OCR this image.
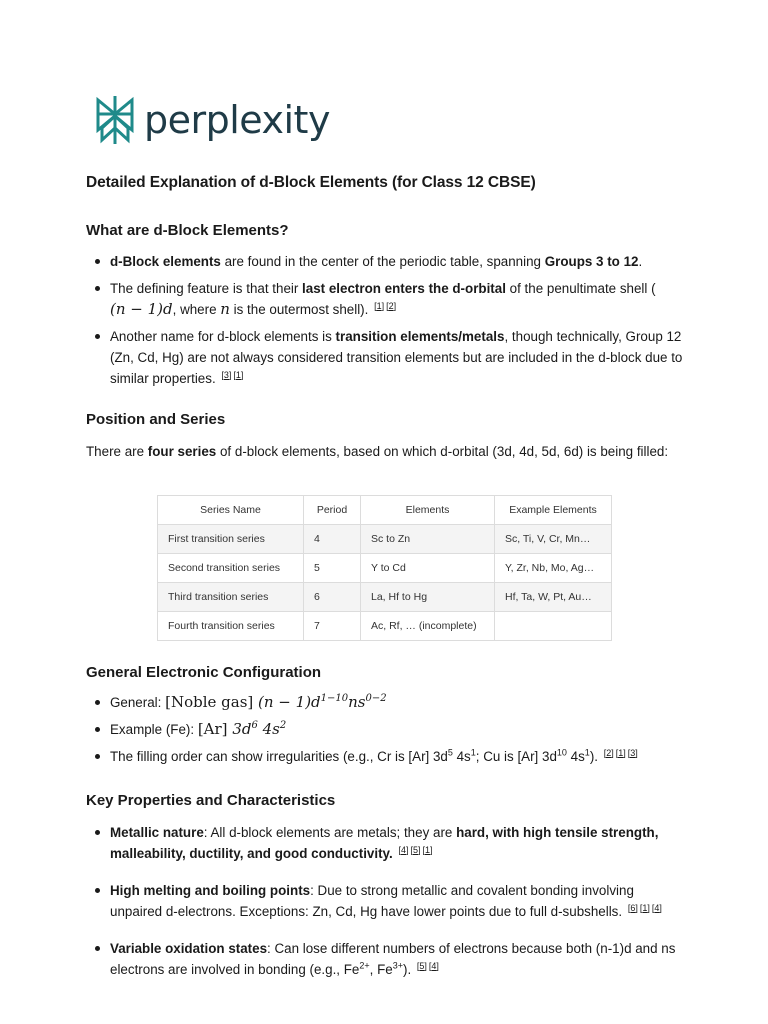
perplexity
Detailed Explanation of d-Block Elements (for Class 12 CBSE)
What are d-Block Elements?
d-Block elements are found in the center of the periodic table, spanning Groups 3 to 12.
The defining feature is that their last electron enters the d-orbital of the penultimate shell (
(n − 1)d, where n is the outermost shell). [1] [2]
Another name for d-block elements is transition elements/metals, though technically, Group 12 (Zn, Cd, Hg) are not always considered transition elements but are included in the d-block due to similar properties. [3] [1]
Position and Series
There are four series of d-block elements, based on which d-orbital (3d, 4d, 5d, 6d) is being filled:
Series Name	Period	Elements	Example Elements
First transition series	4	Sc to Zn	Sc, Ti, V, Cr, Mn…
Second transition series	5	Y to Cd	Y, Zr, Nb, Mo, Ag…
Third transition series	6	La, Hf to Hg	Hf, Ta, W, Pt, Au…
Fourth transition series	7	Ac, Rf, … (incomplete)	
General Electronic Configuration
General: [Noble gas] $(n - 1)d^{1-10}ns^{0-2}$
Example (Fe): [Ar] $3d^6$ $4s^2$
The filling order can show irregularities (e.g., Cr is [Ar] $3d^5$ $4s^1$; Cu is [Ar] $3d^{10}$ $4s^1$). [2] [1] [3]
Key Properties and Characteristics
Metallic nature: All d-block elements are metals; they are hard, with high tensile strength, malleability, ductility, and good conductivity. [4] [5] [1]
High melting and boiling points: Due to strong metallic and covalent bonding involving unpaired d-electrons. Exceptions: Zn, Cd, Hg have lower points due to full d-subshells. [6] [1] [4]
Variable oxidation states: Can lose different numbers of electrons because both (n-1)d and ns electrons are involved in bonding (e.g., $Fe^{2+}$, $Fe^{3+}$). [5] [4]
